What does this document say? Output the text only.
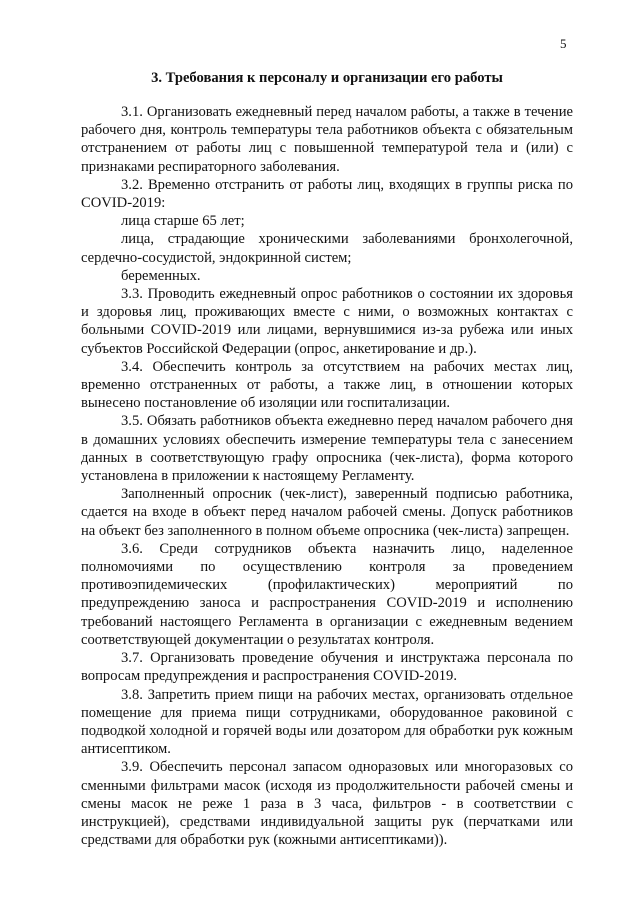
5
3. Требования к персоналу и организации его работы

3.1. Организовать ежедневный перед началом работы, а также в течение рабочего дня, контроль температуры тела работников объекта с обязательным отстранением от работы лиц с повышенной температурой тела и (или) с признаками респираторного заболевания.

3.2. Временно отстранить от работы лиц, входящих в группы риска по COVID-2019:

лица старше 65 лет;

лица, страдающие хроническими заболеваниями бронхолегочной, сердечно-сосудистой, эндокринной систем;

беременных.

3.3. Проводить ежедневный опрос работников о состоянии их здоровья и здоровья лиц, проживающих вместе с ними, о возможных контактах с больными COVID-2019 или лицами, вернувшимися из-за рубежа или иных субъектов Российской Федерации (опрос, анкетирование и др.).

3.4. Обеспечить контроль за отсутствием на рабочих местах лиц, временно отстраненных от работы, а также лиц, в отношении которых вынесено постановление об изоляции или госпитализации.

3.5. Обязать работников объекта ежедневно перед началом рабочего дня в домашних условиях обеспечить измерение температуры тела с занесением данных в соответствующую графу опросника (чек-листа), форма которого установлена в приложении к настоящему Регламенту.

Заполненный опросник (чек-лист), заверенный подписью работника, сдается на входе в объект перед началом рабочей смены. Допуск работников на объект без заполненного в полном объеме опросника (чек-листа) запрещен.

3.6. Среди сотрудников объекта назначить лицо, наделенное полномочиями по осуществлению контроля за проведением противоэпидемических (профилактических) мероприятий по предупреждению заноса и распространения COVID-2019 и исполнению требований настоящего Регламента в организации с ежедневным ведением соответствующей документации о результатах контроля.

3.7. Организовать проведение обучения и инструктажа персонала по вопросам предупреждения и распространения COVID-2019.

3.8. Запретить прием пищи на рабочих местах, организовать отдельное помещение для приема пищи сотрудниками, оборудованное раковиной с подводкой холодной и горячей воды или дозатором для обработки рук кожным антисептиком.

3.9. Обеспечить персонал запасом одноразовых или многоразовых со сменными фильтрами масок (исходя из продолжительности рабочей смены и смены масок не реже 1 раза в 3 часа, фильтров - в соответствии с инструкцией), средствами индивидуальной защиты рук (перчатками или средствами для обработки рук (кожными антисептиками)).
